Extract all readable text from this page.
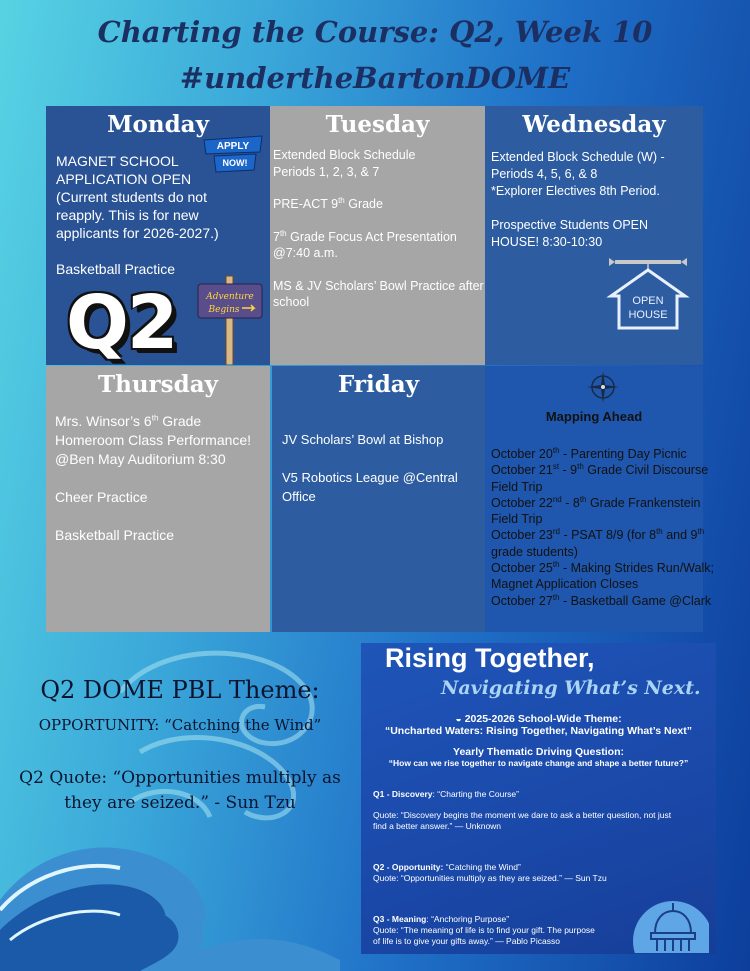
Charting the Course: Q2, Week 10
#undertheBartonDOME
Monday
MAGNET SCHOOL
APPLICATION OPEN
(Current students do not
reapply. This is for new
applicants for 2026-2027.)
Basketball Practice
APPLY
NOW!
Q2	Adventure
Begins
Tuesday
Extended Block Schedule
Periods 1, 2, 3, & 7
PRE-ACT 9th Grade
7th Grade Focus Act Presentation
@7:40 a.m.
MS & JV Scholars’ Bowl Practice after
school
Wednesday
Extended Block Schedule (W) -
Periods 4, 5, 6, & 8
*Explorer Electives 8th Period.
Prospective Students OPEN
HOUSE! 8:30-10:30
OPEN
HOUSE
Thursday
Mrs. Winsor’s 6th Grade
Homeroom Class Performance!
@Ben May Auditorium 8:30
Cheer Practice
Basketball Practice
Friday
JV Scholars’ Bowl at Bishop
V5 Robotics League @Central
Office
Mapping Ahead
October 20th - Parenting Day Picnic
October 21st - 9th Grade Civil Discourse
Field Trip
October 22nd - 8th Grade Frankenstein
Field Trip
October 23rd - PSAT 8/9 (for 8th and 9th
grade students)
October 25th - Making Strides Run/Walk;
Magnet Application Closes
October 27th - Basketball Game @Clark
Q2 DOME PBL Theme:
OPPORTUNITY: “Catching the Wind”
Q2 Quote: “Opportunities multiply as
they are seized.” - Sun Tzu
Rising Together,
Navigating What’s Next.
◒ 2025-2026 School-Wide Theme:
“Uncharted Waters: Rising Together, Navigating What’s Next”
Yearly Thematic Driving Question:
“How can we rise together to navigate change and shape a better future?”
Q1 - Discovery: “Charting the Course”
Quote: “Discovery begins the moment we dare to ask a better question, not just
find a better answer.” — Unknown
Q2 - Opportunity: “Catching the Wind”
Quote: “Opportunities multiply as they are seized.” — Sun Tzu
Q3 - Meaning: “Anchoring Purpose”
Quote: “The meaning of life is to find your gift. The purpose
of life is to give your gifts away.” — Pablo Picasso
